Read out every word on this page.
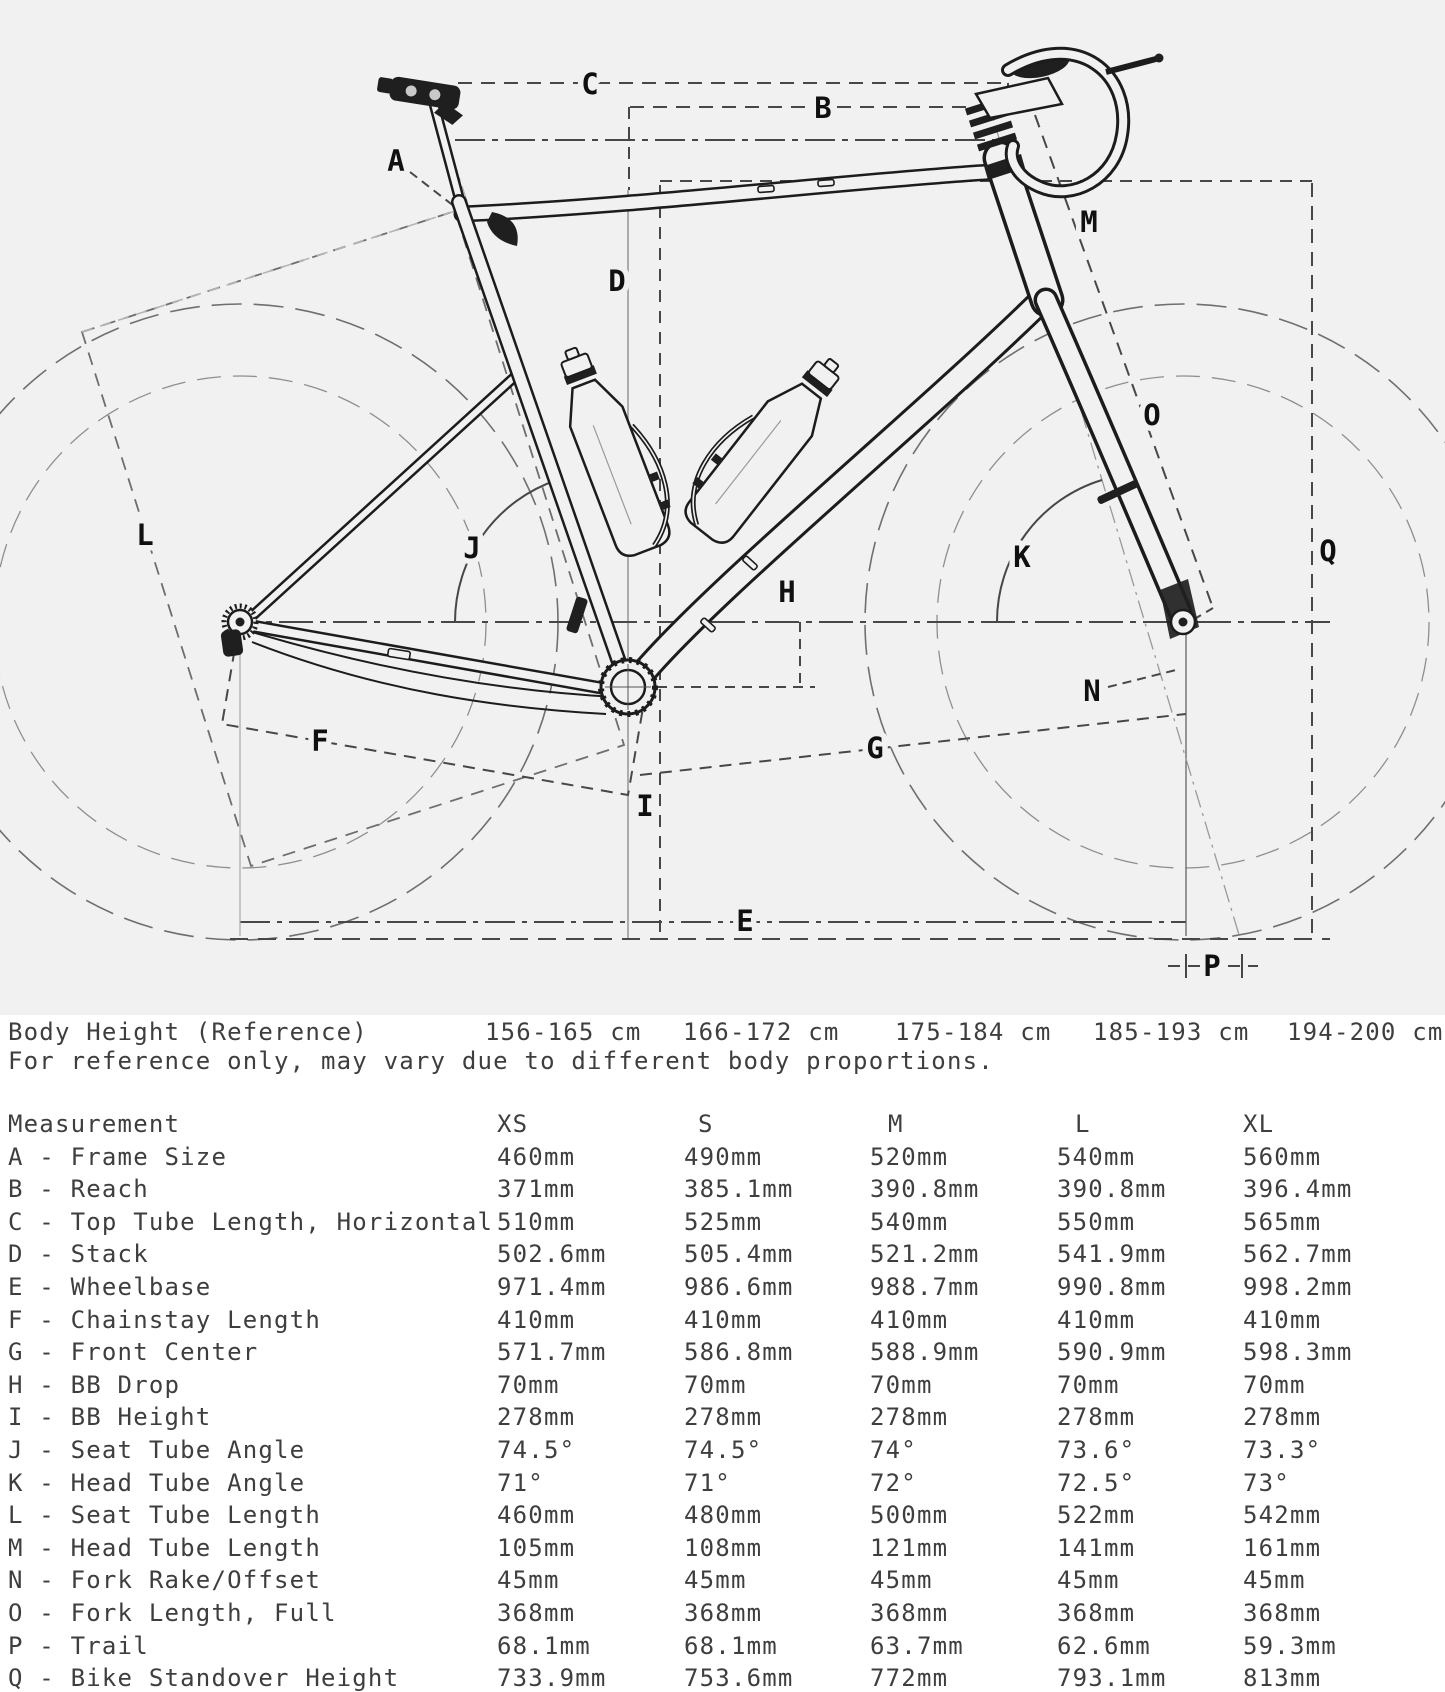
A
B
C
D
E
F	G
H
I
J	K
L
M
N
O
P
Q

Body Height (Reference)

	156-165 cm 166-172 cm 175-184 cm 185-193 cm 194-200 cm
For reference only, may vary due to different body proportions.
Measurement	XS	S	M	L	XL
A - Frame Size	460mm	490mm	520mm	540mm	560mm
B - Reach	371mm	385.1mm	390.8mm	390.8mm	396.4mm
C - Top Tube Length, Horizontal 510mm	525mm	540mm	550mm	565mm
D - Stack	502.6mm	505.4mm	521.2mm	541.9mm	562.7mm
E - Wheelbase	971.4mm	986.6mm	988.7mm	990.8mm	998.2mm
F - Chainstay Length	410mm	410mm	410mm	410mm	410mm
G - Front Center	571.7mm	586.8mm	588.9mm	590.9mm	598.3mm
H - BB Drop	70mm	70mm	70mm	70mm	70mm
I - BB Height	278mm	278mm	278mm	278mm	278mm
J - Seat Tube Angle	74.5°	74.5°	74°	73.6°	73.3°
K - Head Tube Angle	71°	71°	72°	72.5°	73°
L - Seat Tube Length	460mm	480mm	500mm	522mm	542mm
M - Head Tube Length	105mm	108mm	121mm	141mm	161mm
N - Fork Rake/Offset	45mm	45mm	45mm	45mm	45mm
O - Fork Length, Full	368mm	368mm	368mm	368mm	368mm
P - Trail	68.1mm	68.1mm	63.7mm	62.6mm	59.3mm
Q - Bike Standover Height	733.9mm	753.6mm	772mm	793.1mm	813mm
